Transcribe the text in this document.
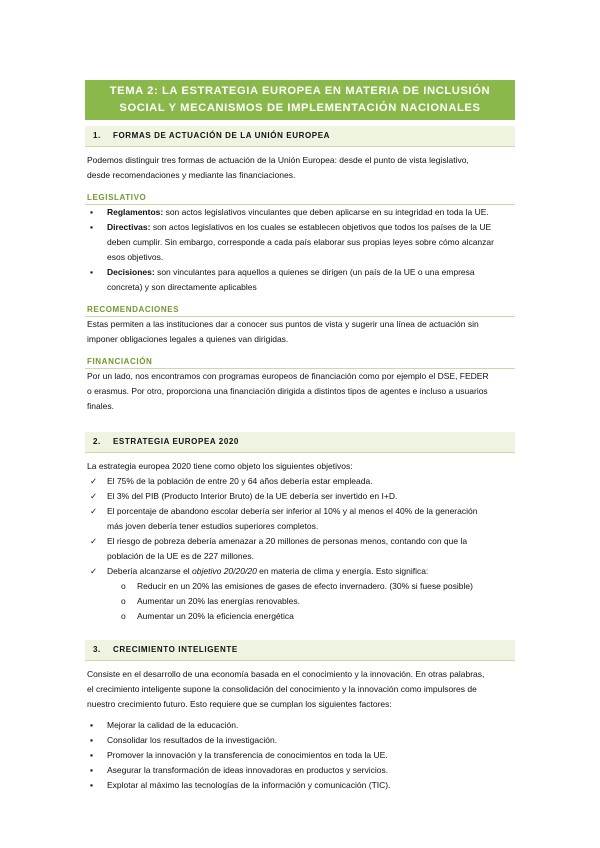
TEMA 2: LA ESTRATEGIA EUROPEA EN MATERIA DE INCLUSIÓN
SOCIAL Y MECANISMOS DE IMPLEMENTACIÓN NACIONALES
1. FORMAS DE ACTUACIÓN DE LA UNIÓN EUROPEA

Podemos distinguir tres formas de actuación de la Unión Europea: desde el punto de vista legislativo,
desde recomendaciones y mediante las financiaciones.

LEGISLATIVO
▪ Reglamentos: son actos legislativos vinculantes que deben aplicarse en su integridad en toda la UE.
▪ Directivas: son actos legislativos en los cuales se establecen objetivos que todos los países de la UE
deben cumplir. Sin embargo, corresponde a cada país elaborar sus propias leyes sobre cómo alcanzar
esos objetivos.
▪ Decisiones: son vinculantes para aquellos a quienes se dirigen (un país de la UE o una empresa
concreta) y son directamente aplicables
RECOMENDACIONES

Estas permiten a las instituciones dar a conocer sus puntos de vista y sugerir una línea de actuación sin
imponer obligaciones legales a quienes van dirigidas.

FINANCIACIÓN

Por un lado, nos encontramos con programas europeos de financiación como por ejemplo el DSE, FEDER
o erasmus. Por otro, proporciona una financiación dirigida a distintos tipos de agentes e incluso a usuarios
finales.

2. ESTRATEGIA EUROPEA 2020

La estrategia europea 2020 tiene como objeto los siguientes objetivos:

✓ El 75% de la población de entre 20 y 64 años debería estar empleada.
✓ El 3% del PIB (Producto Interior Bruto) de la UE debería ser invertido en I+D.
✓ El porcentaje de abandono escolar debería ser inferior al 10% y al menos el 40% de la generación
más joven debería tener estudios superiores completos.
✓ El riesgo de pobreza debería amenazar a 20 millones de personas menos, contando con que la
población de la UE es de 227 millones.
✓ Debería alcanzarse el objetivo 20/20/20 en materia de clima y energía. Esto significa:
o Reducir en un 20% las emisiones de gases de efecto invernadero. (30% si fuese posible)
o Aumentar un 20% las energías renovables.
o Aumentar un 20% la eficiencia energética
3. CRECIMIENTO INTELIGENTE

Consiste en el desarrollo de una economía basada en el conocimiento y la innovación. En otras palabras,
el crecimiento inteligente supone la consolidación del conocimiento y la innovación como impulsores de
nuestro crecimiento futuro. Esto requiere que se cumplan los siguientes factores:

▪ Mejorar la calidad de la educación.
▪ Consolidar los resultados de la investigación.
▪ Promover la innovación y la transferencia de conocimientos en toda la UE.
▪ Asegurar la transformación de ideas innovadoras en productos y servicios.
▪ Explotar al máximo las tecnologías de la información y comunicación (TIC).
